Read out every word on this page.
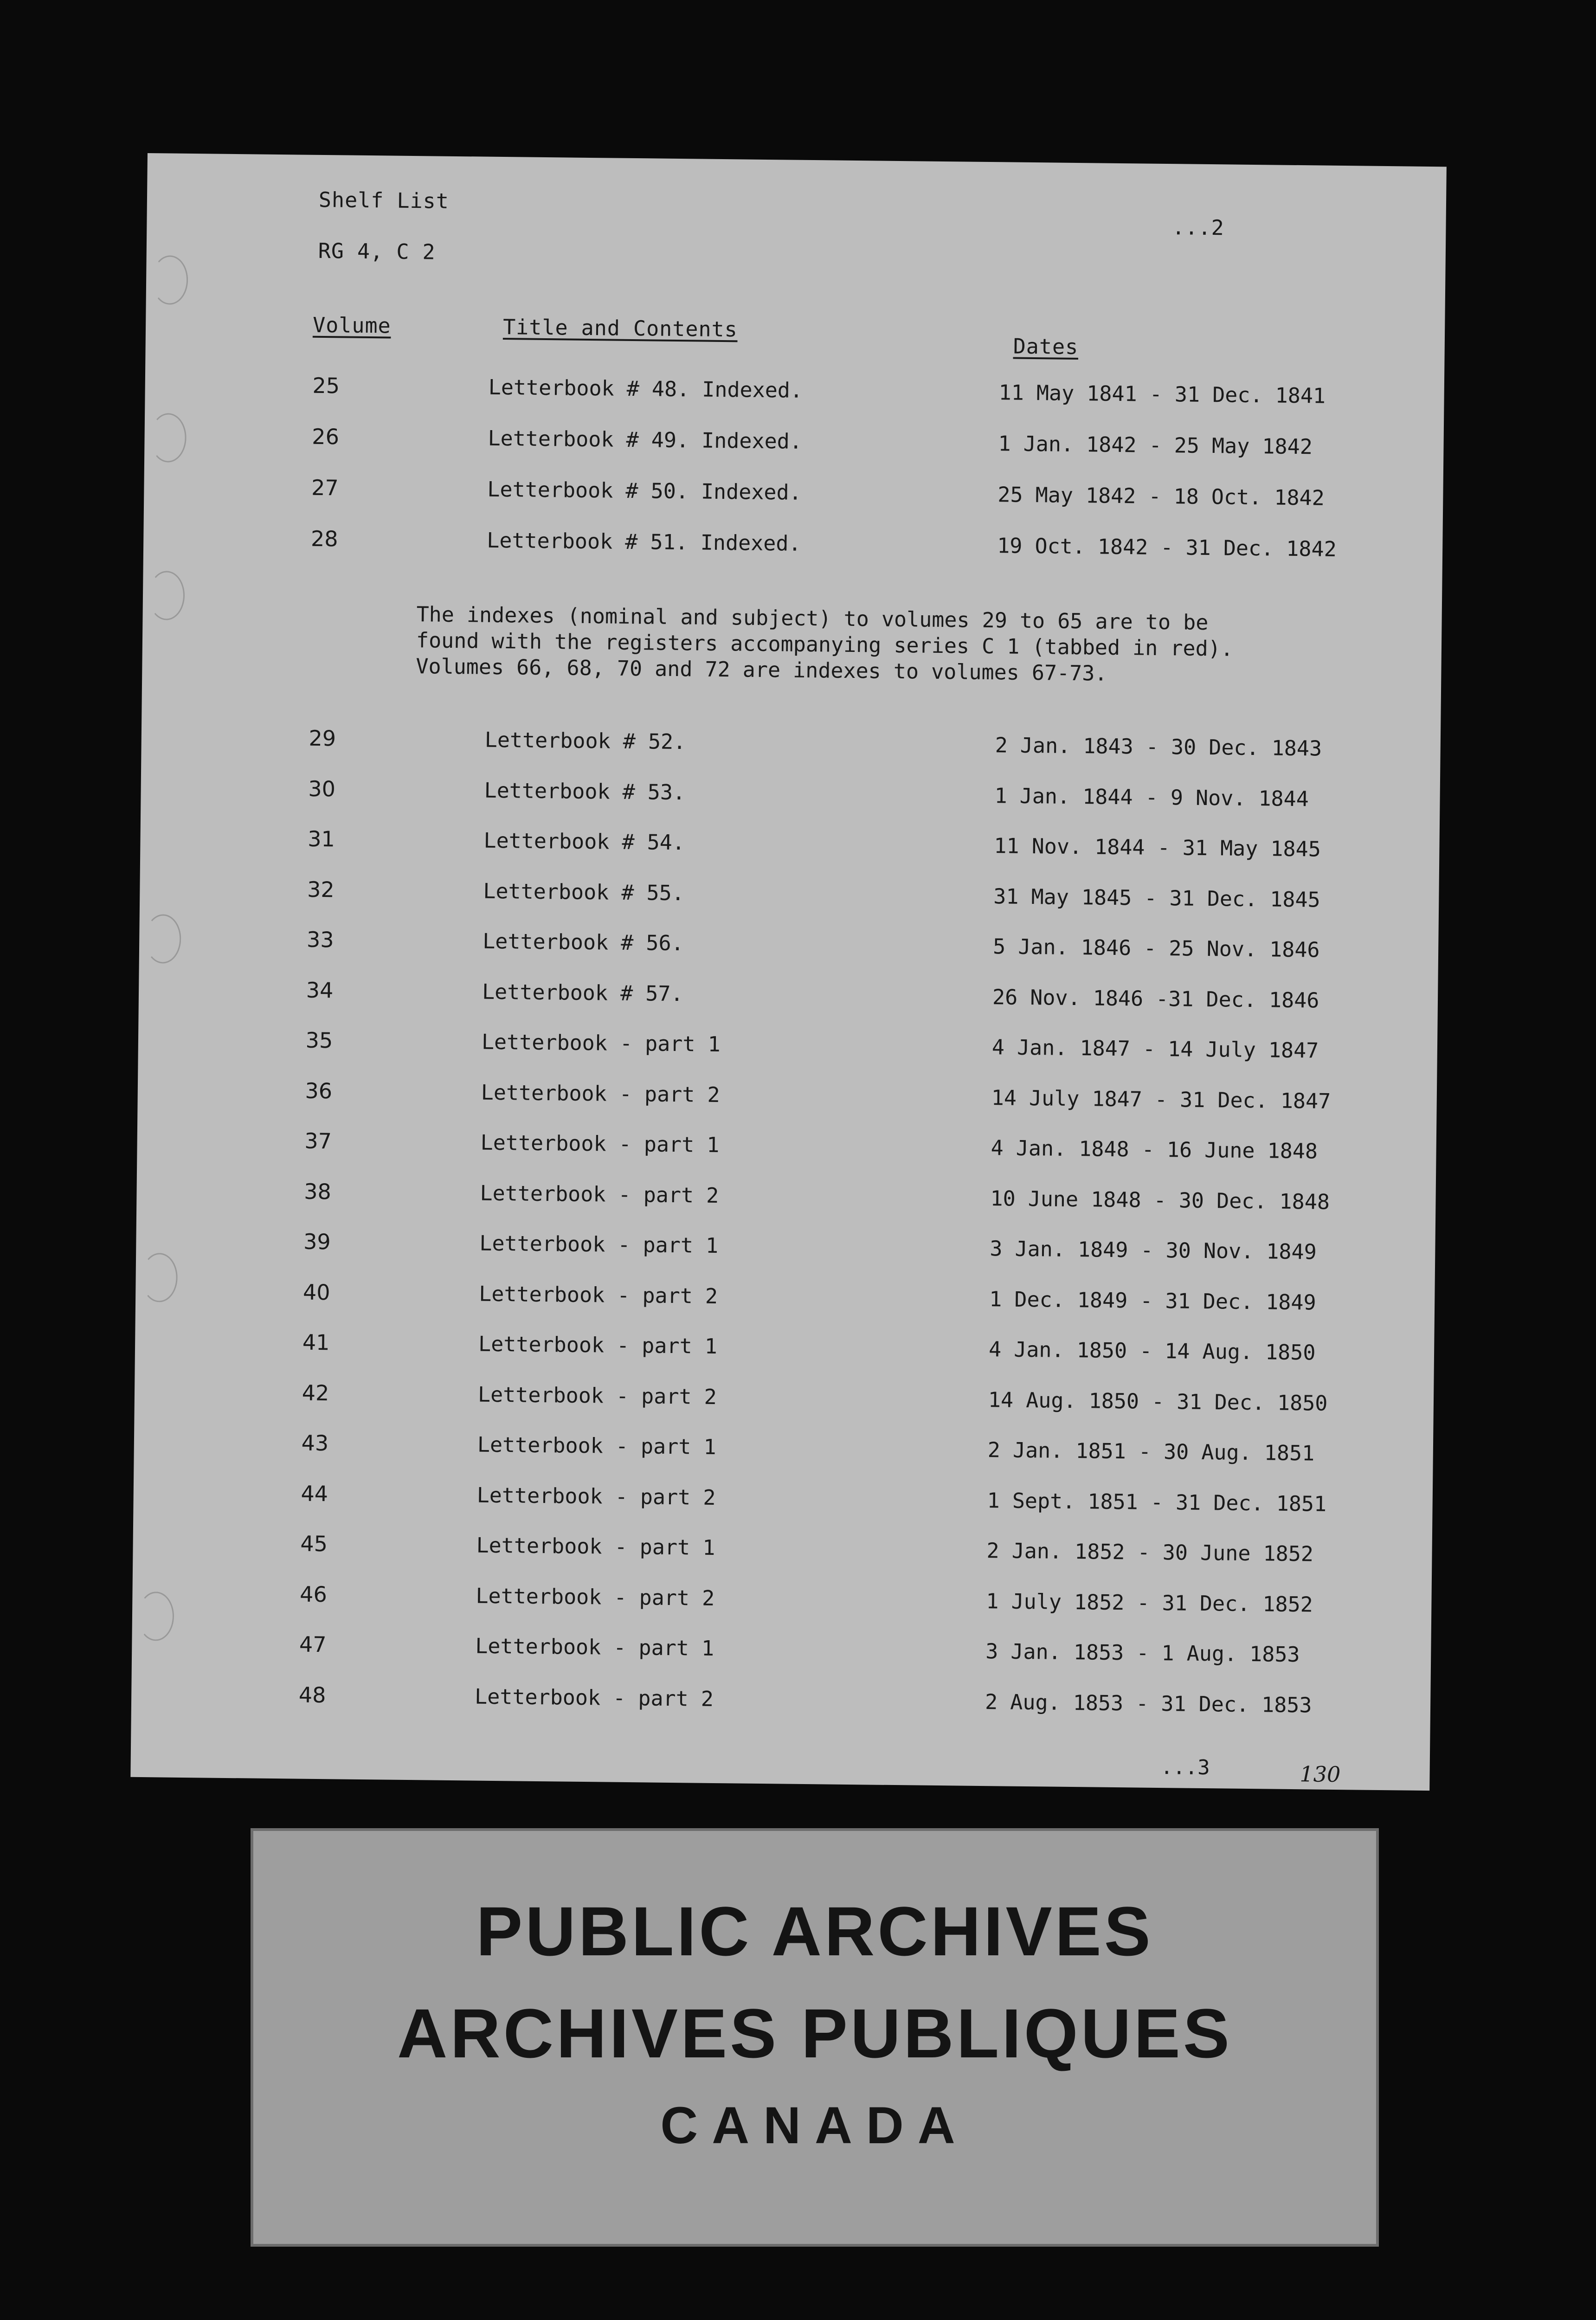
Shelf List
RG 4, C 2
...2
Volume	Title and Contents
Dates
25	Letterbook # 48. Indexed.	11 May 1841 - 31 Dec. 1841
26	Letterbook # 49. Indexed.	1 Jan. 1842 - 25 May 1842
27	Letterbook # 50. Indexed.	25 May 1842 - 18 Oct. 1842
28	Letterbook # 51. Indexed.	19 Oct. 1842 - 31 Dec. 1842
The indexes (nominal and subject) to volumes 29 to 65 are to be
found with the registers accompanying series C 1 (tabbed in red).
Volumes 66, 68, 70 and 72 are indexes to volumes 67-73.
29	Letterbook # 52.	2 Jan. 1843 - 30 Dec. 1843
30	Letterbook # 53.	1 Jan. 1844 - 9 Nov. 1844
31	Letterbook # 54.	11 Nov. 1844 - 31 May 1845
32	Letterbook # 55.	31 May 1845 - 31 Dec. 1845
33	Letterbook # 56.	5 Jan. 1846 - 25 Nov. 1846
34	Letterbook # 57.	26 Nov. 1846 -31 Dec. 1846
35	Letterbook - part 1	4 Jan. 1847 - 14 July 1847
36	Letterbook - part 2	14 July 1847 - 31 Dec. 1847
37	Letterbook - part 1	4 Jan. 1848 - 16 June 1848
38	Letterbook - part 2	10 June 1848 - 30 Dec. 1848
39	Letterbook - part 1	3 Jan. 1849 - 30 Nov. 1849
40	Letterbook - part 2	1 Dec. 1849 - 31 Dec. 1849
41	Letterbook - part 1	4 Jan. 1850 - 14 Aug. 1850
42	Letterbook - part 2	14 Aug. 1850 - 31 Dec. 1850
43	Letterbook - part 1	2 Jan. 1851 - 30 Aug. 1851
44	Letterbook - part 2	1 Sept. 1851 - 31 Dec. 1851
45	Letterbook - part 1	2 Jan. 1852 - 30 June 1852
46	Letterbook - part 2	1 July 1852 - 31 Dec. 1852
47	Letterbook - part 1	3 Jan. 1853 - 1 Aug. 1853
48	Letterbook - part 2	2 Aug. 1853 - 31 Dec. 1853
...3	130
PUBLIC ARCHIVES
ARCHIVES PUBLIQUES
CANADA
